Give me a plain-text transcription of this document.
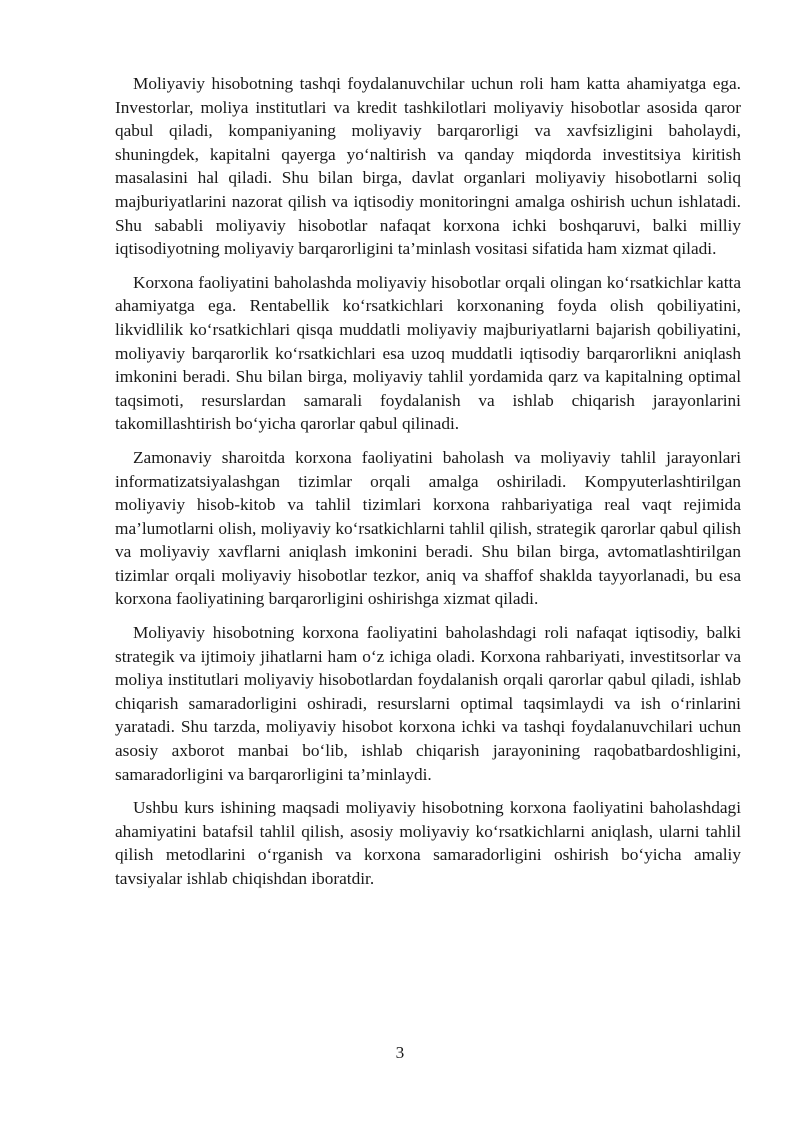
Moliyaviy hisobotning tashqi foydalanuvchilar uchun roli ham katta ahamiyatga ega. Investorlar, moliya institutlari va kredit tashkilotlari moliyaviy hisobotlar asosida qaror qabul qiladi, kompaniyaning moliyaviy barqarorligi va xavfsizligini baholaydi, shuningdek, kapitalni qayerga yo‘naltirish va qanday miqdorda investitsiya kiritish masalasini hal qiladi. Shu bilan birga, davlat organlari moliyaviy hisobotlarni soliq majburiyatlarini nazorat qilish va iqtisodiy monitoringni amalga oshirish uchun ishlatadi. Shu sababli moliyaviy hisobotlar nafaqat korxona ichki boshqaruvi, balki milliy iqtisodiyotning moliyaviy barqarorligini ta’minlash vositasi sifatida ham xizmat qiladi.

Korxona faoliyatini baholashda moliyaviy hisobotlar orqali olingan ko‘rsatkichlar katta ahamiyatga ega. Rentabellik ko‘rsatkichlari korxonaning foyda olish qobiliyatini, likvidlilik ko‘rsatkichlari qisqa muddatli moliyaviy majburiyatlarni bajarish qobiliyatini, moliyaviy barqarorlik ko‘rsatkichlari esa uzoq muddatli iqtisodiy barqarorlikni aniqlash imkonini beradi. Shu bilan birga, moliyaviy tahlil yordamida qarz va kapitalning optimal taqsimoti, resurslardan samarali foydalanish va ishlab chiqarish jarayonlarini takomillashtirish bo‘yicha qarorlar qabul qilinadi.

Zamonaviy sharoitda korxona faoliyatini baholash va moliyaviy tahlil jarayonlari informatizatsiyalashgan tizimlar orqali amalga oshiriladi. Kompyuterlashtirilgan moliyaviy hisob-kitob va tahlil tizimlari korxona rahbariyatiga real vaqt rejimida ma’lumotlarni olish, moliyaviy ko‘rsatkichlarni tahlil qilish, strategik qarorlar qabul qilish va moliyaviy xavflarni aniqlash imkonini beradi. Shu bilan birga, avtomatlashtirilgan tizimlar orqali moliyaviy hisobotlar tezkor, aniq va shaffof shaklda tayyorlanadi, bu esa korxona faoliyatining barqarorligini oshirishga xizmat qiladi.

Moliyaviy hisobotning korxona faoliyatini baholashdagi roli nafaqat iqtisodiy, balki strategik va ijtimoiy jihatlarni ham o‘z ichiga oladi. Korxona rahbariyati, investitsorlar va moliya institutlari moliyaviy hisobotlardan foydalanish orqali qarorlar qabul qiladi, ishlab chiqarish samaradorligini oshiradi, resurslarni optimal taqsimlaydi va ish o‘rinlarini yaratadi. Shu tarzda, moliyaviy hisobot korxona ichki va tashqi foydalanuvchilari uchun asosiy axborot manbai bo‘lib, ishlab chiqarish jarayonining raqobatbardoshligini, samaradorligini va barqarorligini ta’minlaydi.

Ushbu kurs ishining maqsadi moliyaviy hisobotning korxona faoliyatini baholashdagi ahamiyatini batafsil tahlil qilish, asosiy moliyaviy ko‘rsatkichlarni aniqlash, ularni tahlil qilish metodlarini o‘rganish va korxona samaradorligini oshirish bo‘yicha amaliy tavsiyalar ishlab chiqishdan iboratdir.

3
